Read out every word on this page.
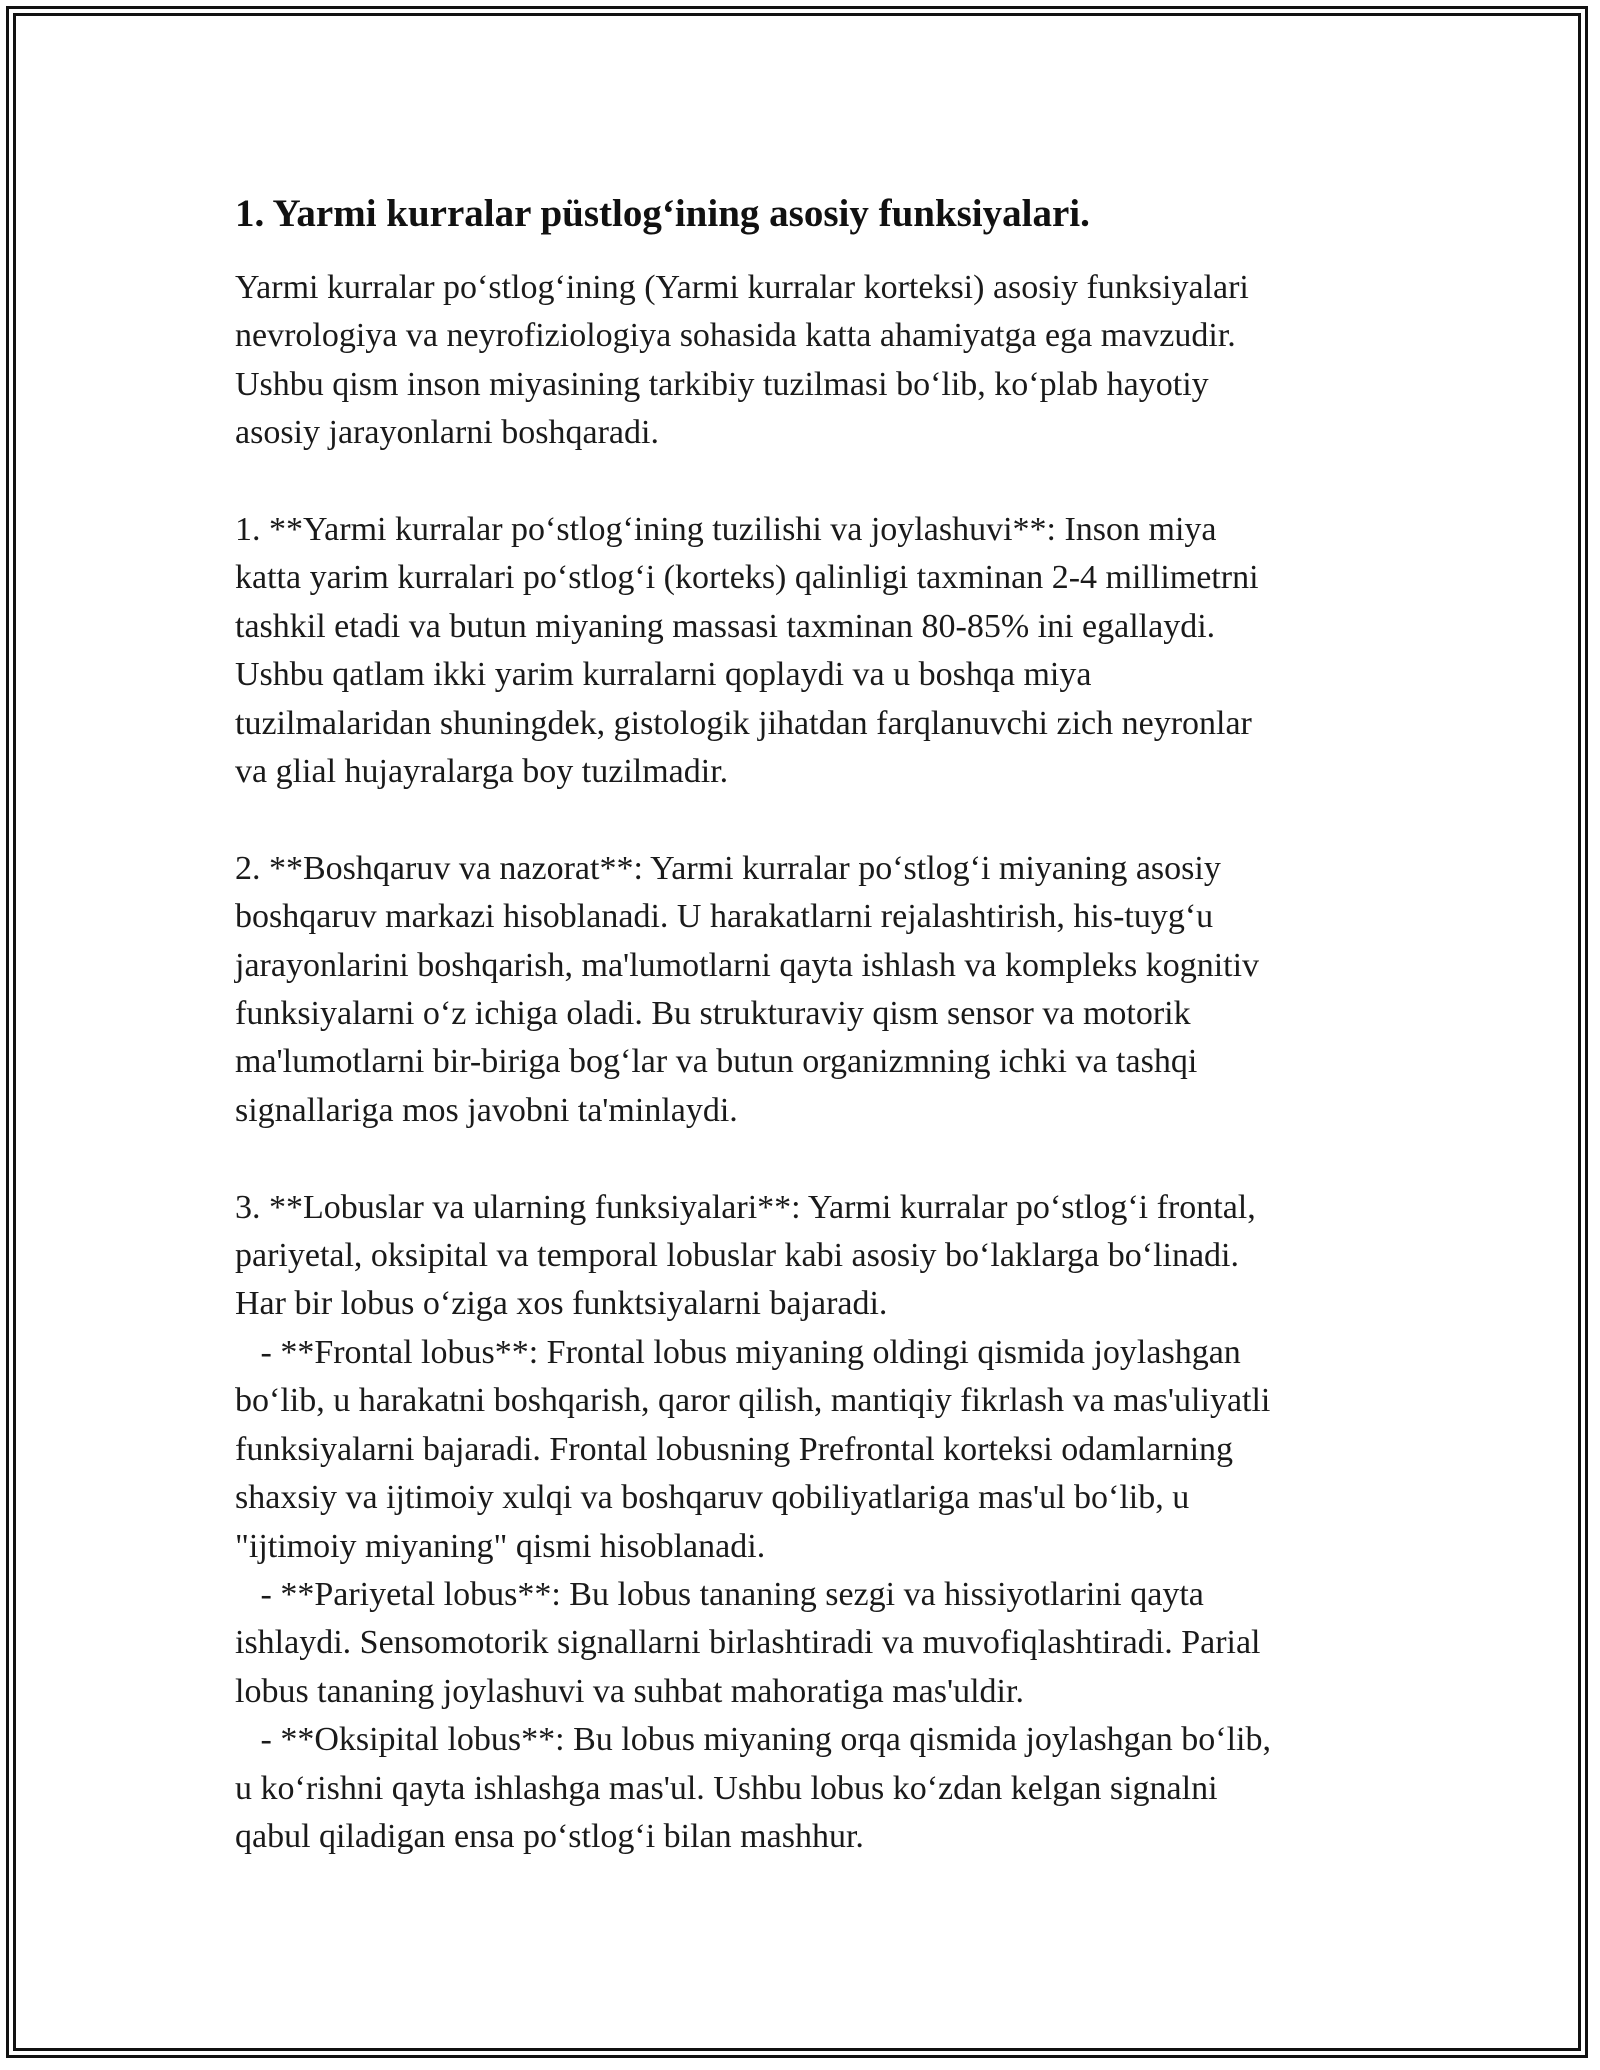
1. Yarmi kurralar püstlog‘ining asosiy funksiyalari.
Yarmi kurralar po‘stlog‘ining (Yarmi kurralar korteksi) asosiy funksiyalari
nevrologiya va neyrofiziologiya sohasida katta ahamiyatga ega mavzudir.
Ushbu qism inson miyasining tarkibiy tuzilmasi bo‘lib, ko‘plab hayotiy
asosiy jarayonlarni boshqaradi.
1. **Yarmi kurralar po‘stlog‘ining tuzilishi va joylashuvi**: Inson miya
katta yarim kurralari po‘stlog‘i (korteks) qalinligi taxminan 2-4 millimetrni
tashkil etadi va butun miyaning massasi taxminan 80-85% ini egallaydi.
Ushbu qatlam ikki yarim kurralarni qoplaydi va u boshqa miya
tuzilmalaridan shuningdek, gistologik jihatdan farqlanuvchi zich neyronlar
va glial hujayralarga boy tuzilmadir.
2. **Boshqaruv va nazorat**: Yarmi kurralar po‘stlog‘i miyaning asosiy
boshqaruv markazi hisoblanadi. U harakatlarni rejalashtirish, his-tuyg‘u
jarayonlarini boshqarish, ma'lumotlarni qayta ishlash va kompleks kognitiv
funksiyalarni o‘z ichiga oladi. Bu strukturaviy qism sensor va motorik
ma'lumotlarni bir-biriga bog‘lar va butun organizmning ichki va tashqi
signallariga mos javobni ta'minlaydi.
3. **Lobuslar va ularning funksiyalari**: Yarmi kurralar po‘stlog‘i frontal,
pariyetal, oksipital va temporal lobuslar kabi asosiy bo‘laklarga bo‘linadi.
Har bir lobus o‘ziga xos funktsiyalarni bajaradi.
- **Frontal lobus**: Frontal lobus miyaning oldingi qismida joylashgan
bo‘lib, u harakatni boshqarish, qaror qilish, mantiqiy fikrlash va mas'uliyatli
funksiyalarni bajaradi. Frontal lobusning Prefrontal korteksi odamlarning
shaxsiy va ijtimoiy xulqi va boshqaruv qobiliyatlariga mas'ul bo‘lib, u
"ijtimoiy miyaning" qismi hisoblanadi.
- **Pariyetal lobus**: Bu lobus tananing sezgi va hissiyotlarini qayta
ishlaydi. Sensomotorik signallarni birlashtiradi va muvofiqlashtiradi. Parial
lobus tananing joylashuvi va suhbat mahoratiga mas'uldir.
- **Oksipital lobus**: Bu lobus miyaning orqa qismida joylashgan bo‘lib,
u ko‘rishni qayta ishlashga mas'ul. Ushbu lobus ko‘zdan kelgan signalni
qabul qiladigan ensa po‘stlog‘i bilan mashhur.
